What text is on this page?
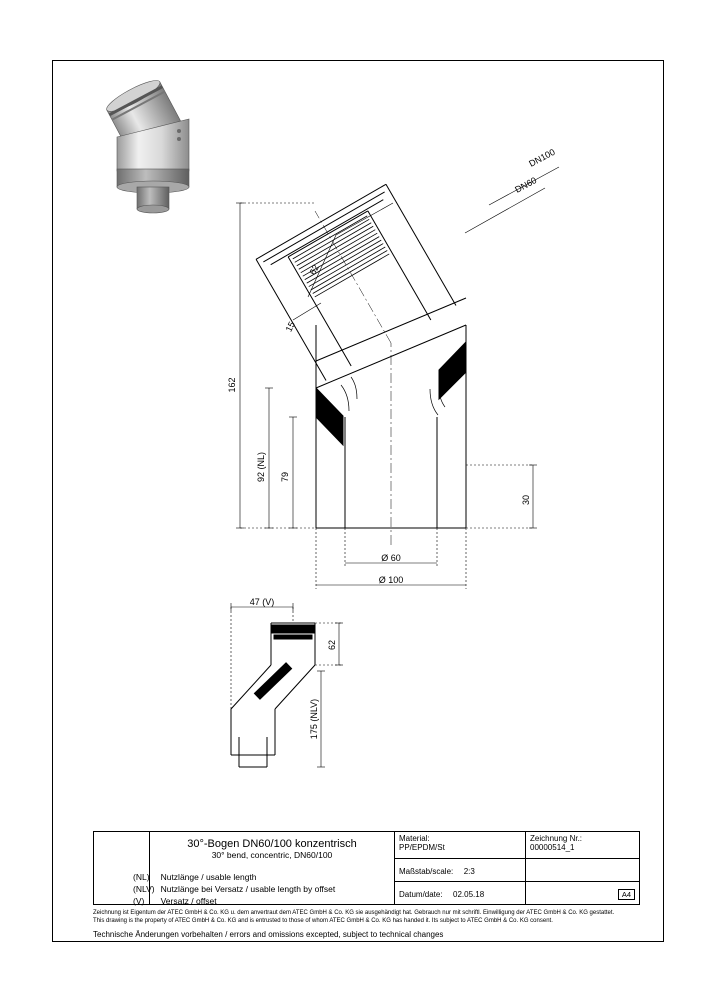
162
92 (NL) 79
30
Ø 60
Ø 100
62
15
DN100
DN60
47 (V)
62
175 (NLV)
(NL)	Nutzlänge / usable length
(NLV)	Nutzlänge bei Versatz / usable length by offset
(V)	Versatz / offset
30°-Bogen DN60/100 konzentrisch
30° bend, concentric, DN60/100
Material:
PP/EPDM/St
Zeichnung Nr.:
00000514_1
Maßstab/scale: 2:3
Datum/date: 02.05.18	A4
Zeichnung ist Eigentum der ATEC GmbH & Co. KG u. dem anvertraut dem ATEC GmbH & Co. KG sie ausgehändigt hat. Gebrauch nur mit schriftl. Einwilligung der ATEC GmbH & Co. KG gestattet.
This drawing is the property of ATEC GmbH & Co. KG and is entrusted to those of whom ATEC GmbH & Co. KG has handed it. Its subject to ATEC GmbH & Co. KG consent.
Technische Änderungen vorbehalten / errors and omissions excepted, subject to technical changes
